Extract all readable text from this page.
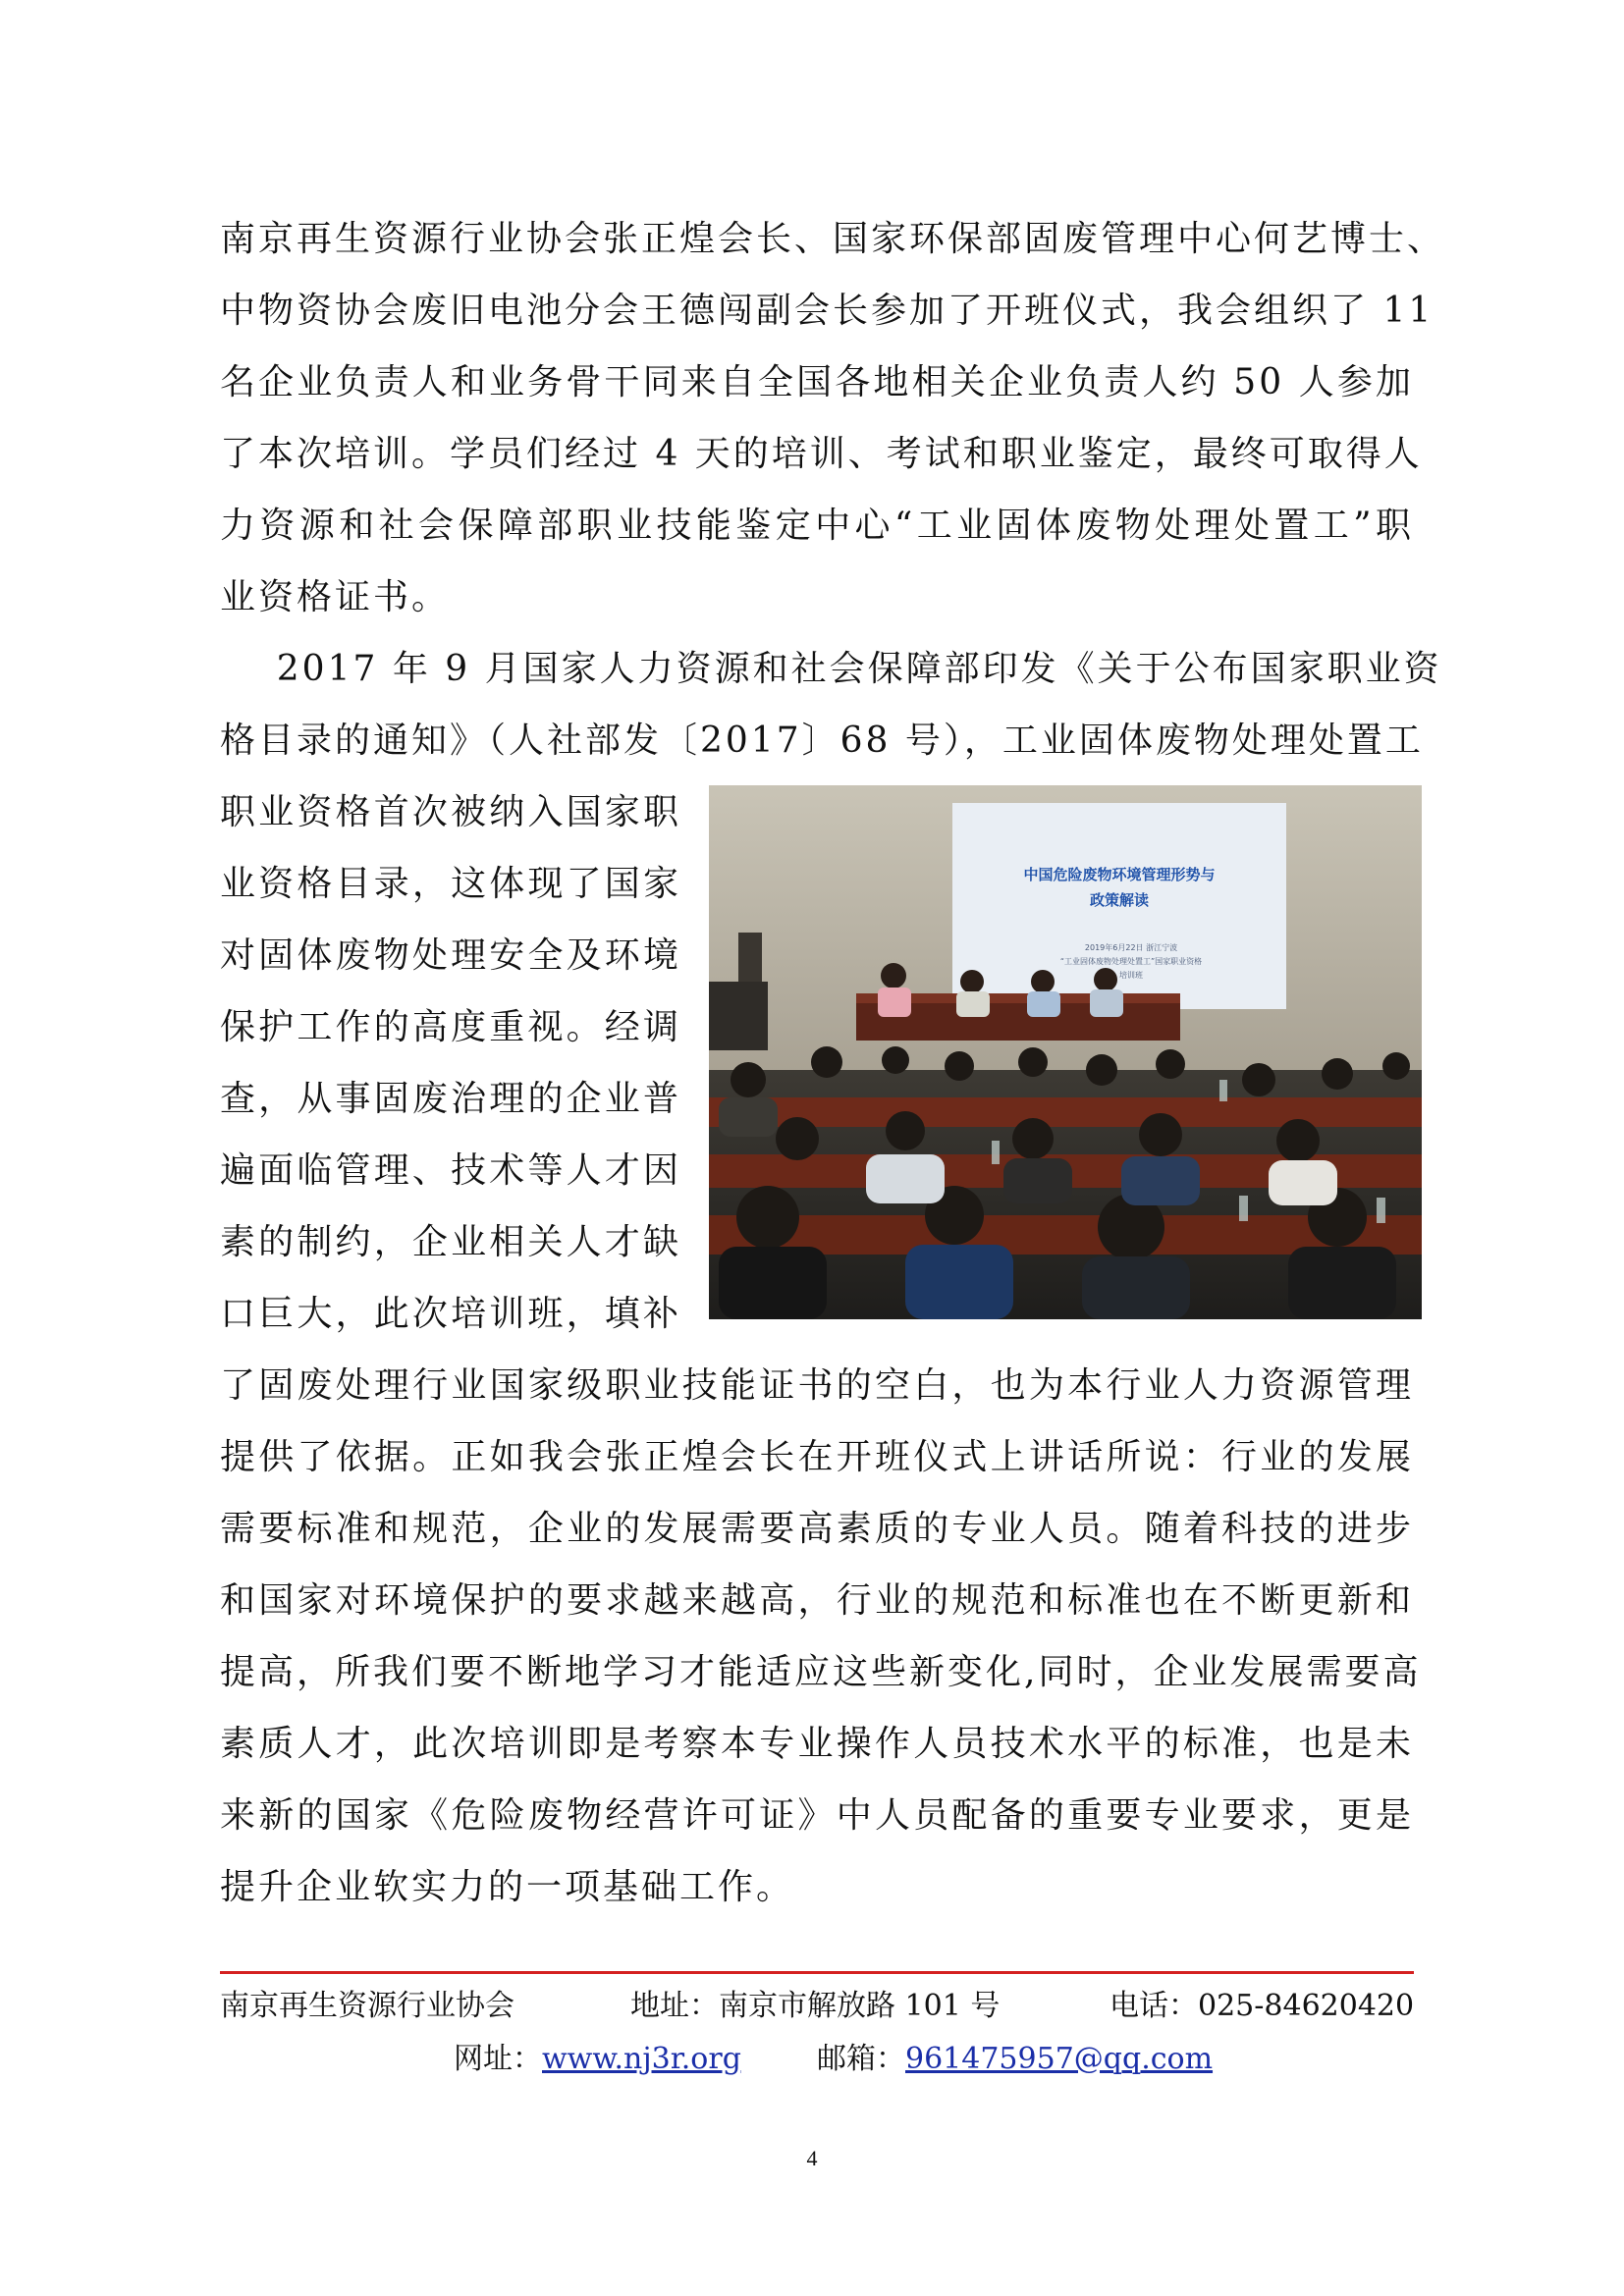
南京再生资源行业协会张正煌会长、国家环保部固废管理中心何艺博士、
中物资协会废旧电池分会王德闯副会长参加了开班仪式，我会组织了 11
名企业负责人和业务骨干同来自全国各地相关企业负责人约 50 人参加
了本次培训。学员们经过 4 天的培训、考试和职业鉴定，最终可取得人
力资源和社会保障部职业技能鉴定中心“工业固体废物处理处置工”职
业资格证书。
2017 年 9 月国家人力资源和社会保障部印发《关于公布国家职业资
格目录的通知》（人社部发〔2017〕68 号），工业固体废物处理处置工
职业资格首次被纳入国家职
业资格目录，这体现了国家
对固体废物处理安全及环境
保护工作的高度重视。经调
查，从事固废治理的企业普
遍面临管理、技术等人才因
素的制约，企业相关人才缺
口巨大，此次培训班，填补
中国危险废物环境管理形势与
政策解读
2019年6月22日 浙江宁波
“工业固体废物处理处置工”国家职业资格
培训班
了固废处理行业国家级职业技能证书的空白，也为本行业人力资源管理
提供了依据。正如我会张正煌会长在开班仪式上讲话所说：行业的发展
需要标准和规范，企业的发展需要高素质的专业人员。随着科技的进步
和国家对环境保护的要求越来越高，行业的规范和标准也在不断更新和
提高，所我们要不断地学习才能适应这些新变化,同时，企业发展需要高
素质人才，此次培训即是考察本专业操作人员技术水平的标准，也是未
来新的国家《危险废物经营许可证》中人员配备的重要专业要求，更是
提升企业软实力的一项基础工作。
南京再生资源行业协会	地址：南京市解放路 101 号	电话：025-84620420
网址：www.nj3r.org	邮箱：961475957@qq.com
4
